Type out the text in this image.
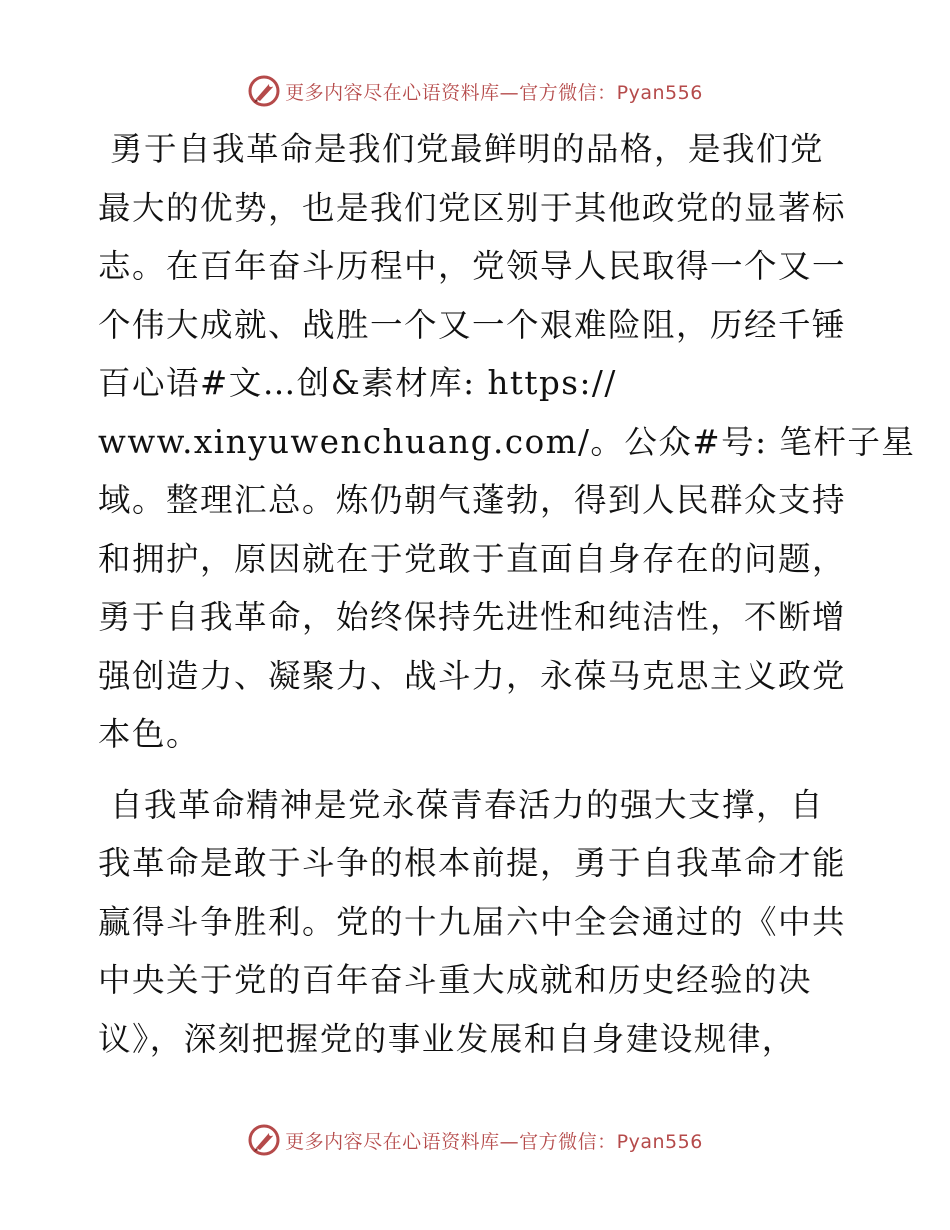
更多内容尽在心语资料库—官方微信：Pyan556

勇于自我革命是我们党最鲜明的品格，是我们党
最大的优势，也是我们党区别于其他政党的显著标
志。在百年奋斗历程中，党领导人民取得一个又一
个伟大成就、战胜一个又一个艰难险阻，历经千锤
百心语#文…创&素材库: https://
www.xinyuwenchuang.com/。公众#号: 笔杆子星
域。整理汇总。炼仍朝气蓬勃，得到人民群众支持
和拥护，原因就在于党敢于直面自身存在的问题，
勇于自我革命，始终保持先进性和纯洁性，不断增
强创造力、凝聚力、战斗力，永葆马克思主义政党
本色。

自我革命精神是党永葆青春活力的强大支撑，自
我革命是敢于斗争的根本前提，勇于自我革命才能
赢得斗争胜利。党的十九届六中全会通过的《中共
中央关于党的百年奋斗重大成就和历史经验的决
议》，深刻把握党的事业发展和自身建设规律，

更多内容尽在心语资料库—官方微信：Pyan556
